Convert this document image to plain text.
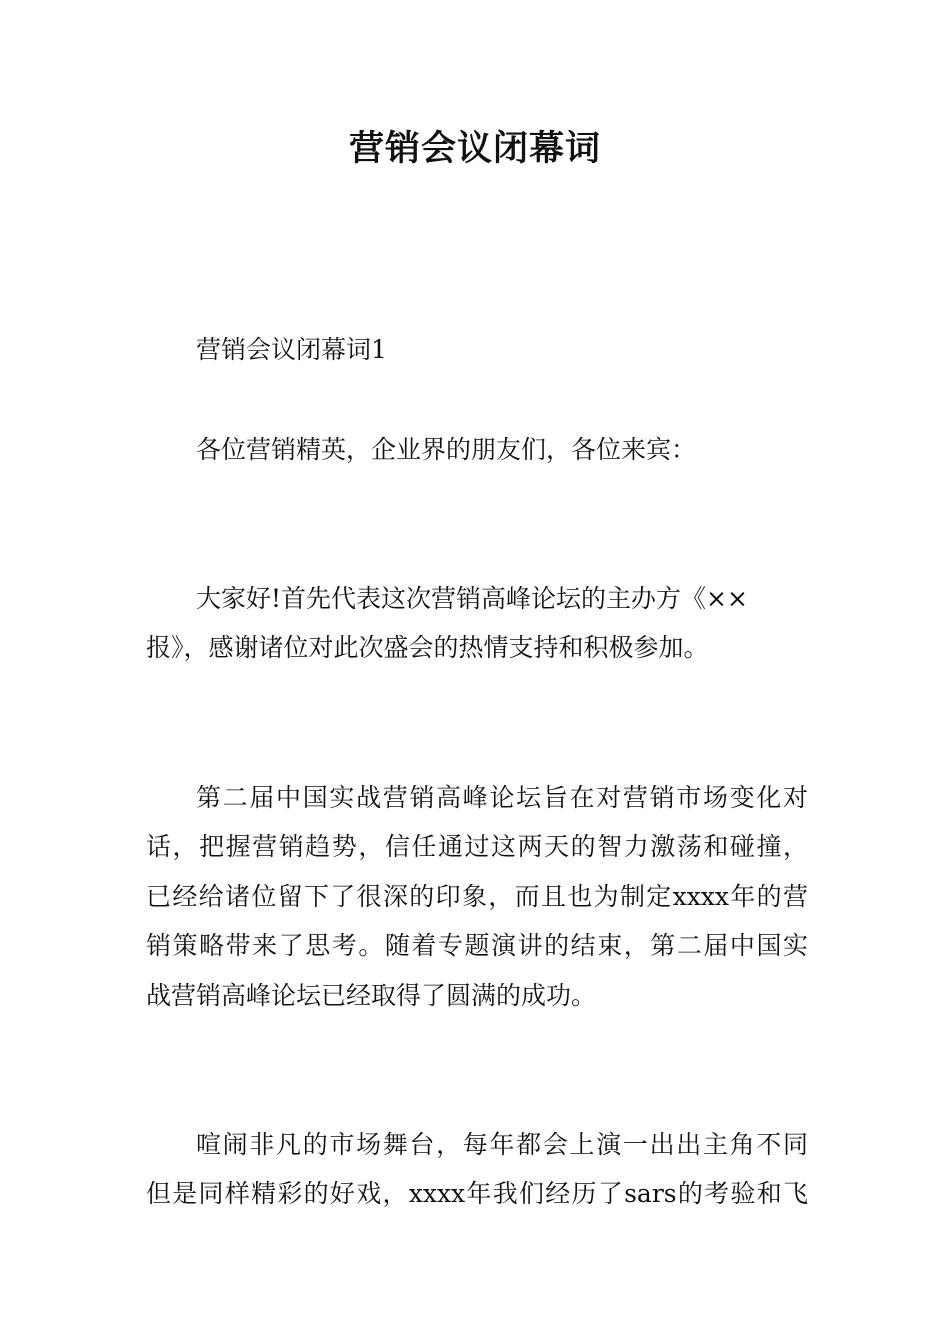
营销会议闭幕词

营销会议闭幕词1

各位营销精英，企业界的朋友们，各位来宾：

大家好!首先代表这次营销高峰论坛的主办方《××

报》，感谢诸位对此次盛会的热情支持和积极参加。

第二届中国实战营销高峰论坛旨在对营销市场变化对

话，把握营销趋势，信任通过这两天的智力激荡和碰撞，

已经给诸位留下了很深的印象，而且也为制定xxxx年的营

销策略带来了思考。随着专题演讲的结束，第二届中国实

战营销高峰论坛已经取得了圆满的成功。

喧闹非凡的市场舞台，每年都会上演一出出主角不同

但是同样精彩的好戏，xxxx年我们经历了sars的考验和飞
